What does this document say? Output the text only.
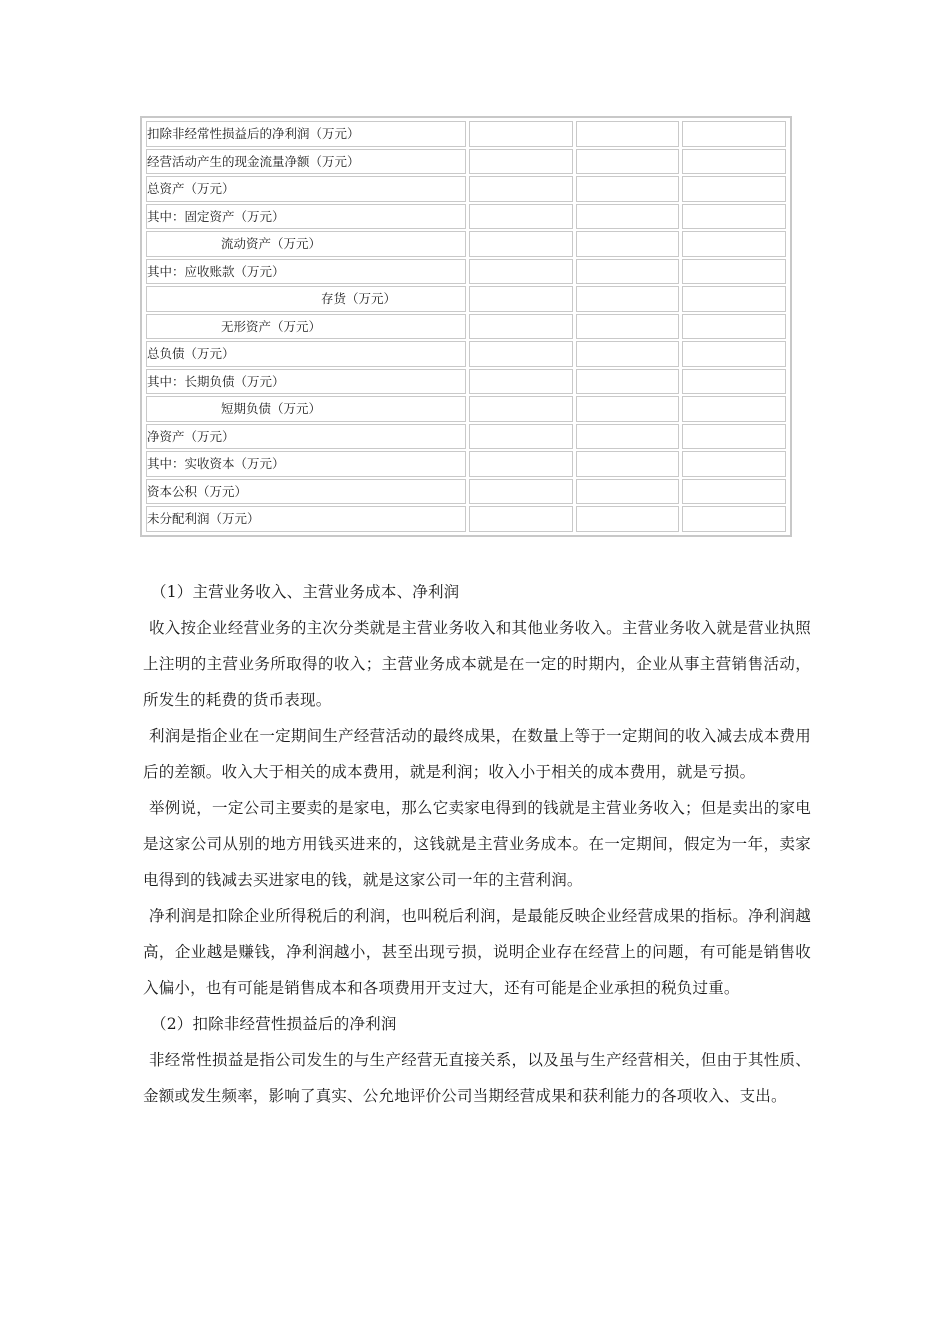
扣除非经常性损益后的净利润（万元）			
经营活动产生的现金流量净额（万元）			
总资产（万元）			
其中：固定资产（万元）			
流动资产（万元）			
其中：应收账款（万元）			
存货（万元）			
无形资产（万元）			
总负债（万元）			
其中：长期负债（万元）			
短期负债（万元）			
净资产（万元）			
其中：实收资本（万元）			
资本公积（万元）			
未分配利润（万元）			

（1）主营业务收入、主营业务成本、净利润

收入按企业经营业务的主次分类就是主营业务收入和其他业务收入。主营业务收入就是营业执照上注明的主营业务所取得的收入；主营业务成本就是在一定的时期内，企业从事主营销售活动，所发生的耗费的货币表现。

利润是指企业在一定期间生产经营活动的最终成果，在数量上等于一定期间的收入减去成本费用后的差额。收入大于相关的成本费用，就是利润；收入小于相关的成本费用，就是亏损。

举例说，一定公司主要卖的是家电，那么它卖家电得到的钱就是主营业务收入；但是卖出的家电是这家公司从别的地方用钱买进来的，这钱就是主营业务成本。在一定期间，假定为一年，卖家电得到的钱减去买进家电的钱，就是这家公司一年的主营利润。

净利润是扣除企业所得税后的利润，也叫税后利润，是最能反映企业经营成果的指标。净利润越高，企业越是赚钱，净利润越小，甚至出现亏损，说明企业存在经营上的问题，有可能是销售收入偏小，也有可能是销售成本和各项费用开支过大，还有可能是企业承担的税负过重。

（2）扣除非经营性损益后的净利润

非经常性损益是指公司发生的与生产经营无直接关系，以及虽与生产经营相关，但由于其性质、金额或发生频率，影响了真实、公允地评价公司当期经营成果和获利能力的各项收入、支出。
